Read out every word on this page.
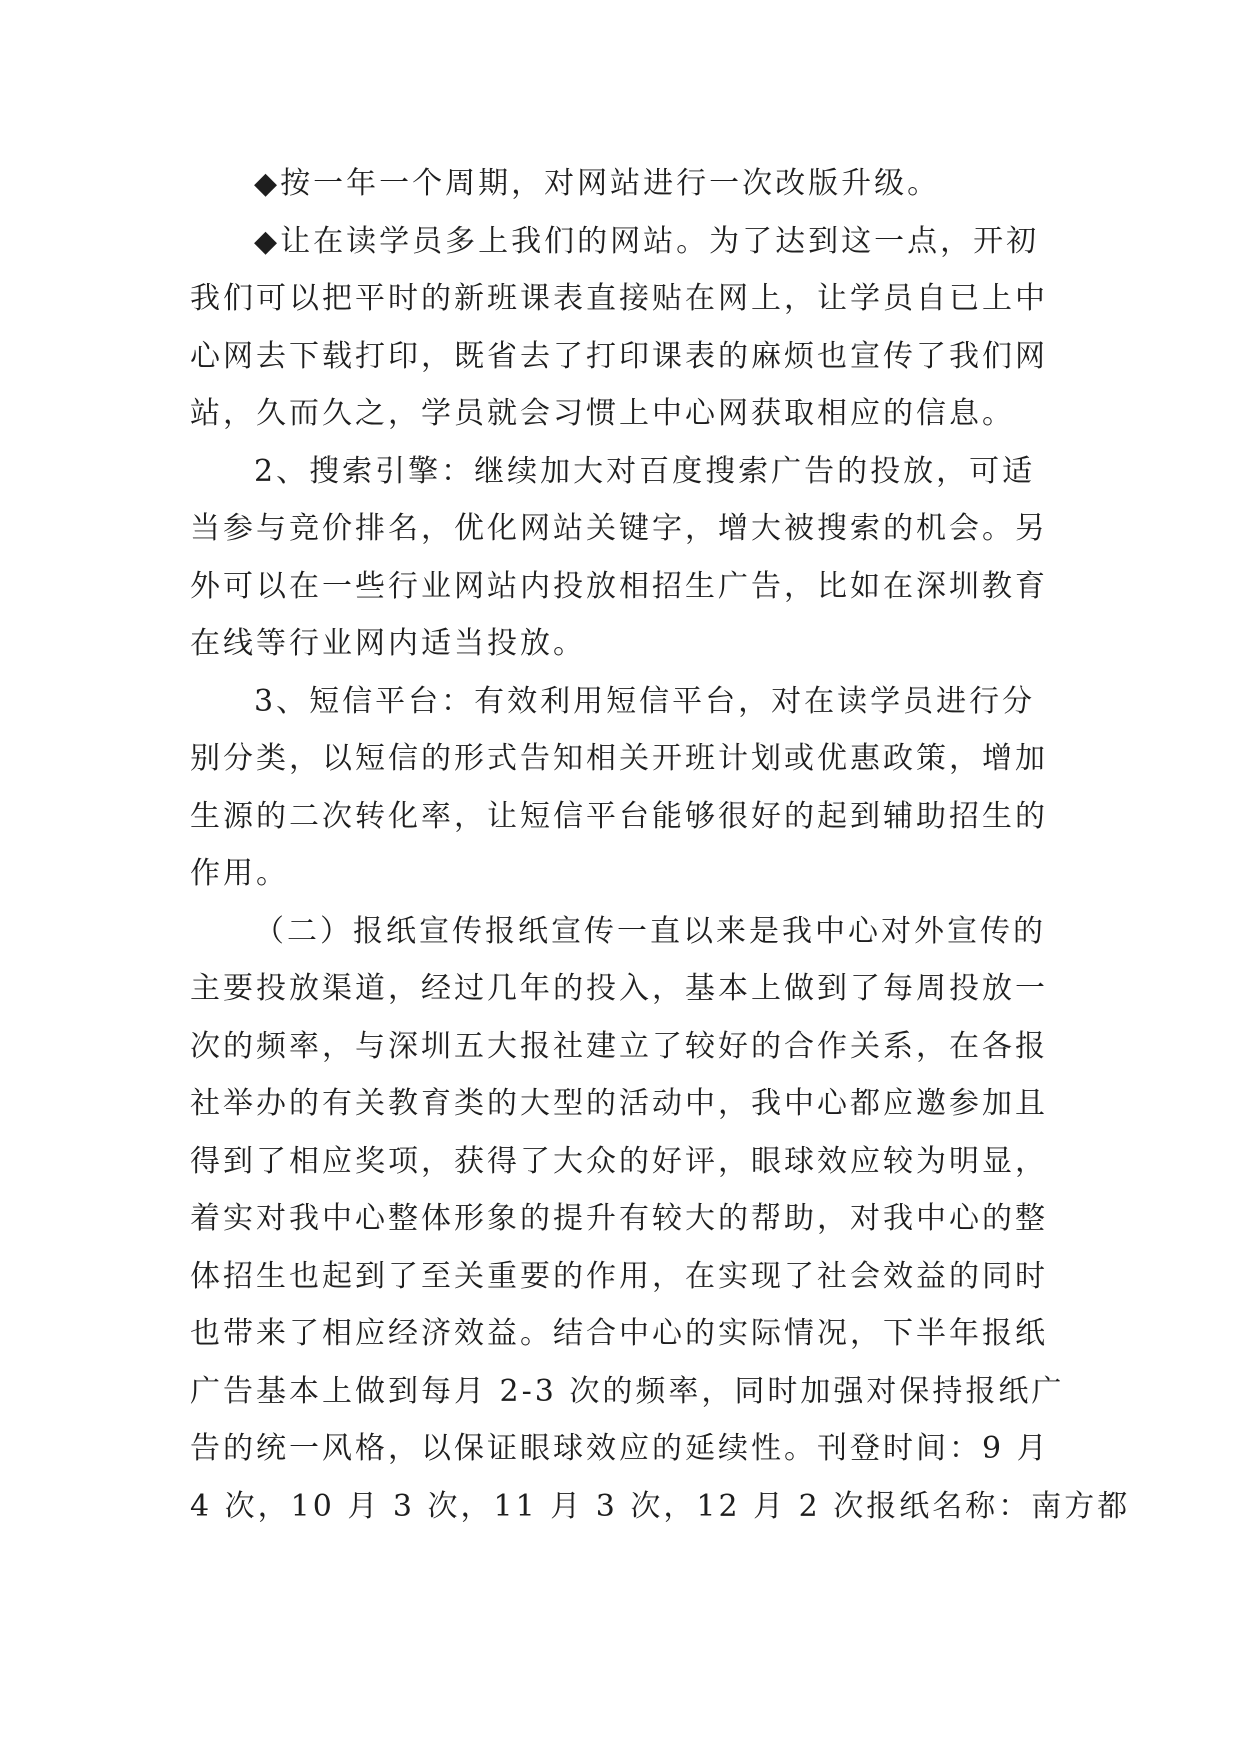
◆按一年一个周期，对网站进行一次改版升级。
◆让在读学员多上我们的网站。为了达到这一点，开初
我们可以把平时的新班课表直接贴在网上，让学员自已上中
心网去下载打印，既省去了打印课表的麻烦也宣传了我们网
站，久而久之，学员就会习惯上中心网获取相应的信息。
2、搜索引擎：继续加大对百度搜索广告的投放，可适
当参与竞价排名，优化网站关键字，增大被搜索的机会。另
外可以在一些行业网站内投放相招生广告，比如在深圳教育
在线等行业网内适当投放。
3、短信平台：有效利用短信平台，对在读学员进行分
别分类，以短信的形式告知相关开班计划或优惠政策，增加
生源的二次转化率，让短信平台能够很好的起到辅助招生的
作用。
（二）报纸宣传报纸宣传一直以来是我中心对外宣传的
主要投放渠道，经过几年的投入，基本上做到了每周投放一
次的频率，与深圳五大报社建立了较好的合作关系，在各报
社举办的有关教育类的大型的活动中，我中心都应邀参加且
得到了相应奖项，获得了大众的好评，眼球效应较为明显，
着实对我中心整体形象的提升有较大的帮助，对我中心的整
体招生也起到了至关重要的作用，在实现了社会效益的同时
也带来了相应经济效益。结合中心的实际情况，下半年报纸
广告基本上做到每月 2-3 次的频率，同时加强对保持报纸广
告的统一风格，以保证眼球效应的延续性。刊登时间：9 月
4 次，10 月 3 次，11 月 3 次，12 月 2 次报纸名称：南方都
